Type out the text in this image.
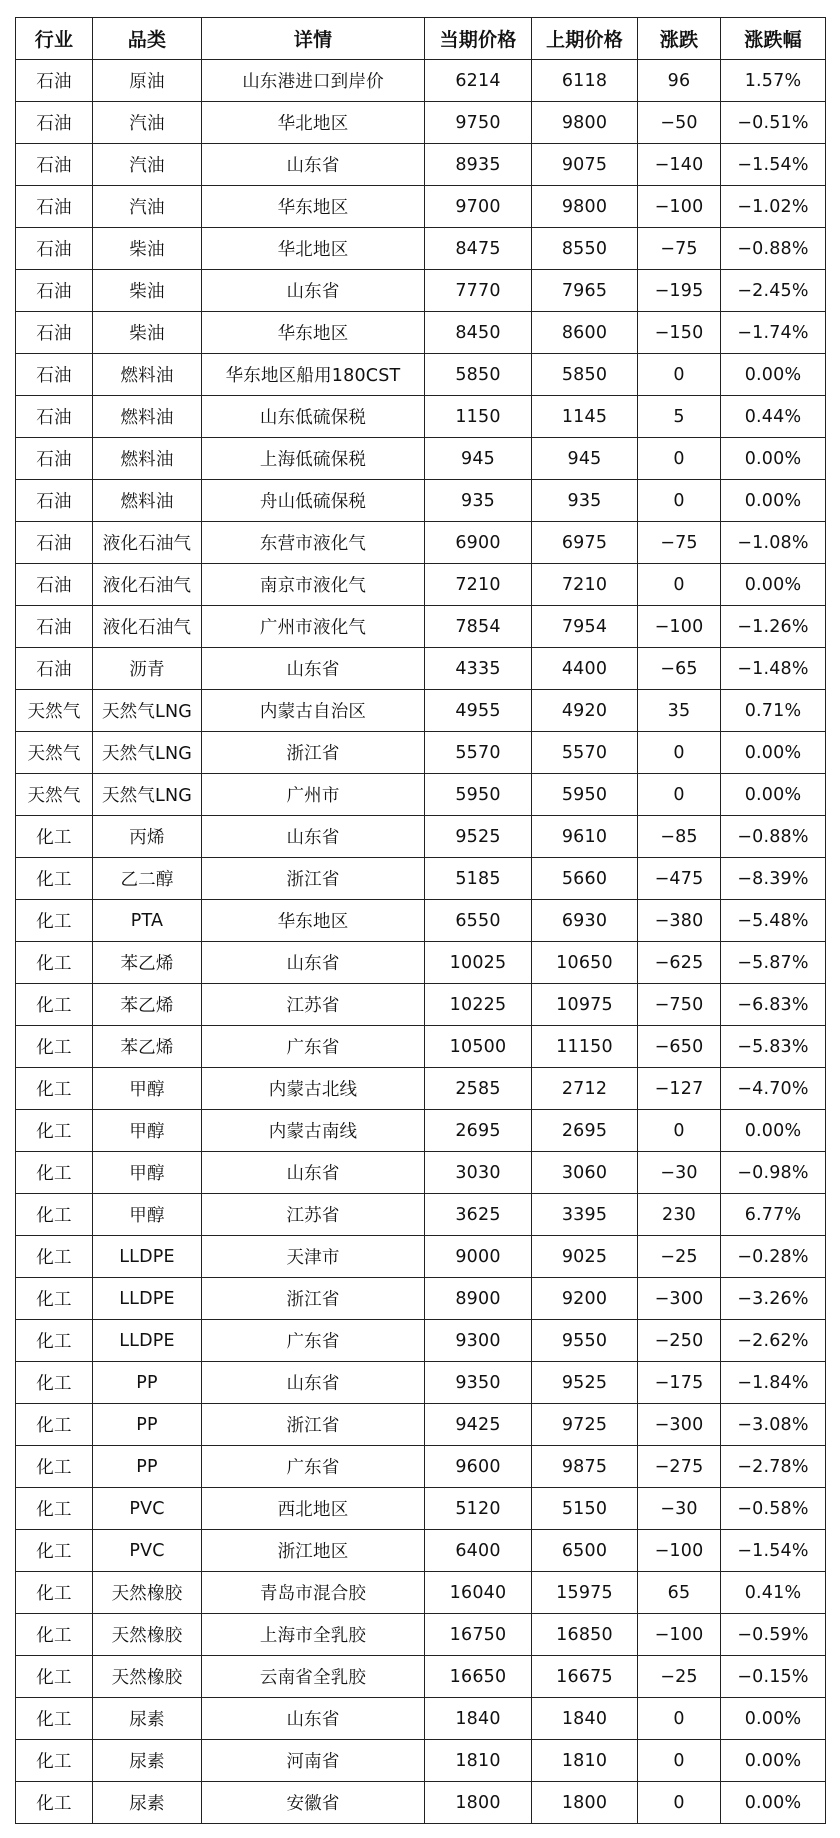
行业	品类	详情	当期价格	上期价格	涨跌	涨跌幅
石油	原油	山东港进口到岸价	6214	6118	96	1.57%
石油	汽油	华北地区	9750	9800	−50	−0.51%
石油	汽油	山东省	8935	9075	−140	−1.54%
石油	汽油	华东地区	9700	9800	−100	−1.02%
石油	柴油	华北地区	8475	8550	−75	−0.88%
石油	柴油	山东省	7770	7965	−195	−2.45%
石油	柴油	华东地区	8450	8600	−150	−1.74%
石油	燃料油	华东地区船用180CST	5850	5850	0	0.00%
石油	燃料油	山东低硫保税	1150	1145	5	0.44%
石油	燃料油	上海低硫保税	945	945	0	0.00%
石油	燃料油	舟山低硫保税	935	935	0	0.00%
石油	液化石油气	东营市液化气	6900	6975	−75	−1.08%
石油	液化石油气	南京市液化气	7210	7210	0	0.00%
石油	液化石油气	广州市液化气	7854	7954	−100	−1.26%
石油	沥青	山东省	4335	4400	−65	−1.48%
天然气	天然气LNG	内蒙古自治区	4955	4920	35	0.71%
天然气	天然气LNG	浙江省	5570	5570	0	0.00%
天然气	天然气LNG	广州市	5950	5950	0	0.00%
化工	丙烯	山东省	9525	9610	−85	−0.88%
化工	乙二醇	浙江省	5185	5660	−475	−8.39%
化工	PTA	华东地区	6550	6930	−380	−5.48%
化工	苯乙烯	山东省	10025	10650	−625	−5.87%
化工	苯乙烯	江苏省	10225	10975	−750	−6.83%
化工	苯乙烯	广东省	10500	11150	−650	−5.83%
化工	甲醇	内蒙古北线	2585	2712	−127	−4.70%
化工	甲醇	内蒙古南线	2695	2695	0	0.00%
化工	甲醇	山东省	3030	3060	−30	−0.98%
化工	甲醇	江苏省	3625	3395	230	6.77%
化工	LLDPE	天津市	9000	9025	−25	−0.28%
化工	LLDPE	浙江省	8900	9200	−300	−3.26%
化工	LLDPE	广东省	9300	9550	−250	−2.62%
化工	PP	山东省	9350	9525	−175	−1.84%
化工	PP	浙江省	9425	9725	−300	−3.08%
化工	PP	广东省	9600	9875	−275	−2.78%
化工	PVC	西北地区	5120	5150	−30	−0.58%
化工	PVC	浙江地区	6400	6500	−100	−1.54%
化工	天然橡胶	青岛市混合胶	16040	15975	65	0.41%
化工	天然橡胶	上海市全乳胶	16750	16850	−100	−0.59%
化工	天然橡胶	云南省全乳胶	16650	16675	−25	−0.15%
化工	尿素	山东省	1840	1840	0	0.00%
化工	尿素	河南省	1810	1810	0	0.00%
化工	尿素	安徽省	1800	1800	0	0.00%
